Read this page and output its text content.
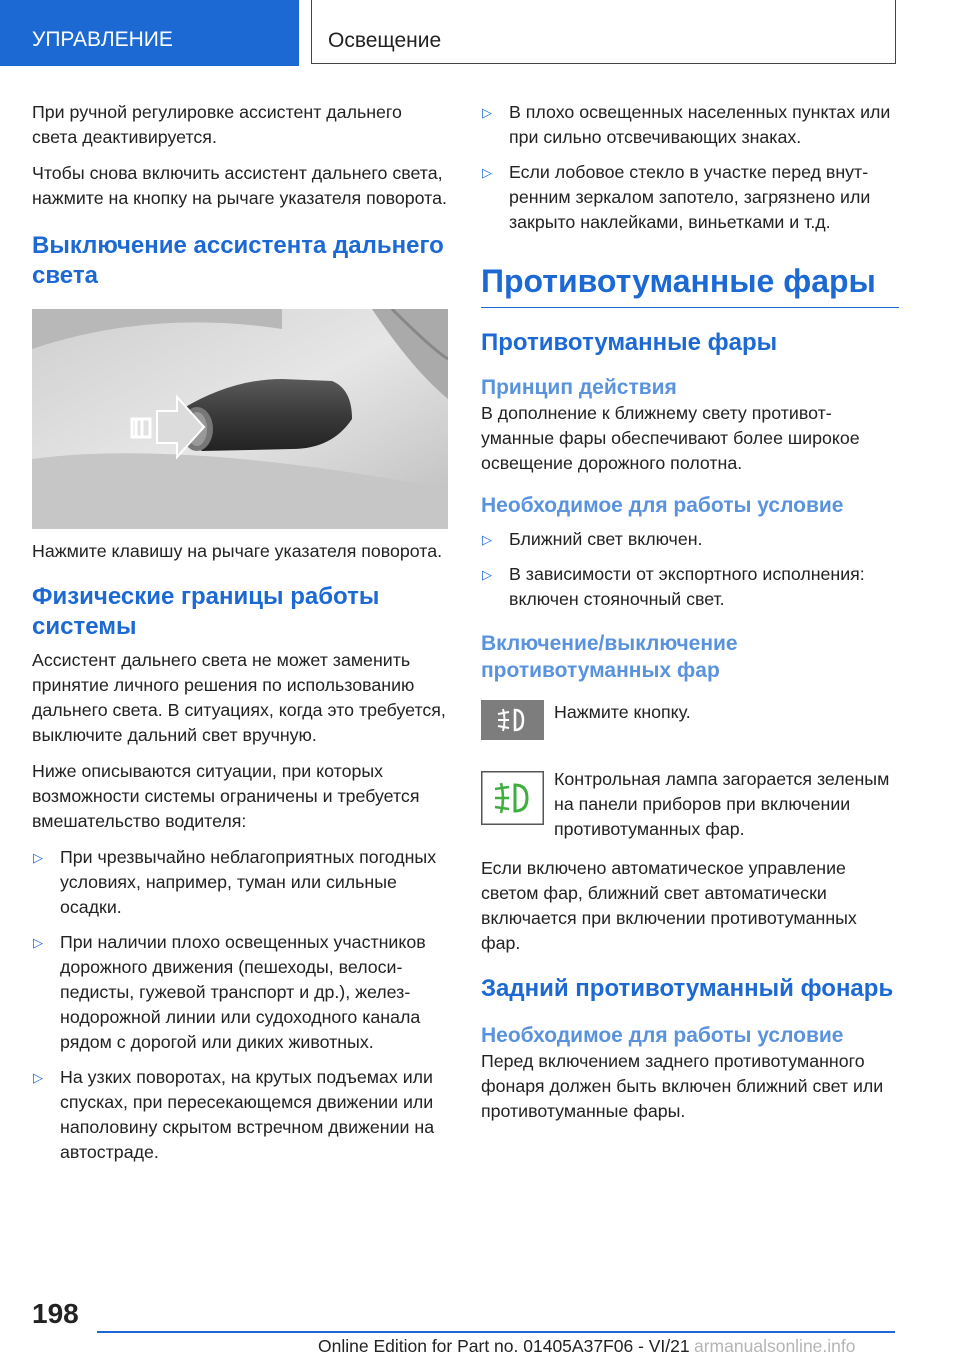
УПРАВЛЕНИЕ	Освещение

При ручной регулировке ассистент дальнего света деактивируется.

Чтобы снова включить ассистент дальнего света, нажмите на кнопку на рычаге указателя поворота.

Выключение ассистента дальнего света

Нажмите клавишу на рычаге указателя поворота.

Физические границы работы системы

Ассистент дальнего света не может заменить принятие личного решения по использованию дальнего света. В ситуациях, когда это требуется, выключите дальний свет вручную.

Ниже описываются ситуации, при которых возможности системы ограничены и требуется вмешательство водителя:

▷ При чрезвычайно неблагоприятных погодных условиях, например, туман или сильные осадки.
▷ При наличии плохо освещенных участников дорожного движения (пешеходы, велосипедисты, гужевой транспорт и др.), железнодорожной линии или судоходного канала рядом с дорогой или диких животных.
▷ На узких поворотах, на крутых подъемах или спусках, при пересекающемся движении или наполовину скрытом встречном движении на автостраде.
▷ В плохо освещенных населенных пунктах или при сильно отсвечивающих знаках.
▷ Если лобовое стекло в участке перед внутренним зеркалом запотело, загрязнено или закрыто наклейками, виньетками и т.д.
Противотуманные фары
Противотуманные фары
Принцип действия

В дополнение к ближнему свету противотуманные фары обеспечивают более широкое освещение дорожного полотна.

Необходимое для работы условие
▷ Ближний свет включен.
▷ В зависимости от экспортного исполнения: включен стояночный свет.
Включение/выключение противотуманных фар

Нажмите кнопку.

Контрольная лампа загорается зеленым на панели приборов при включении противотуманных фар.

Если включено автоматическое управление светом фар, ближний свет автоматически включается при включении противотуманных фар.

Задний противотуманный фонарь
Необходимое для работы условие

Перед включением заднего противотуманного фонаря должен быть включен ближний свет или противотуманные фары.

198
Online Edition for Part no. 01405A37F06 - VI/21 armanualsonline.info
